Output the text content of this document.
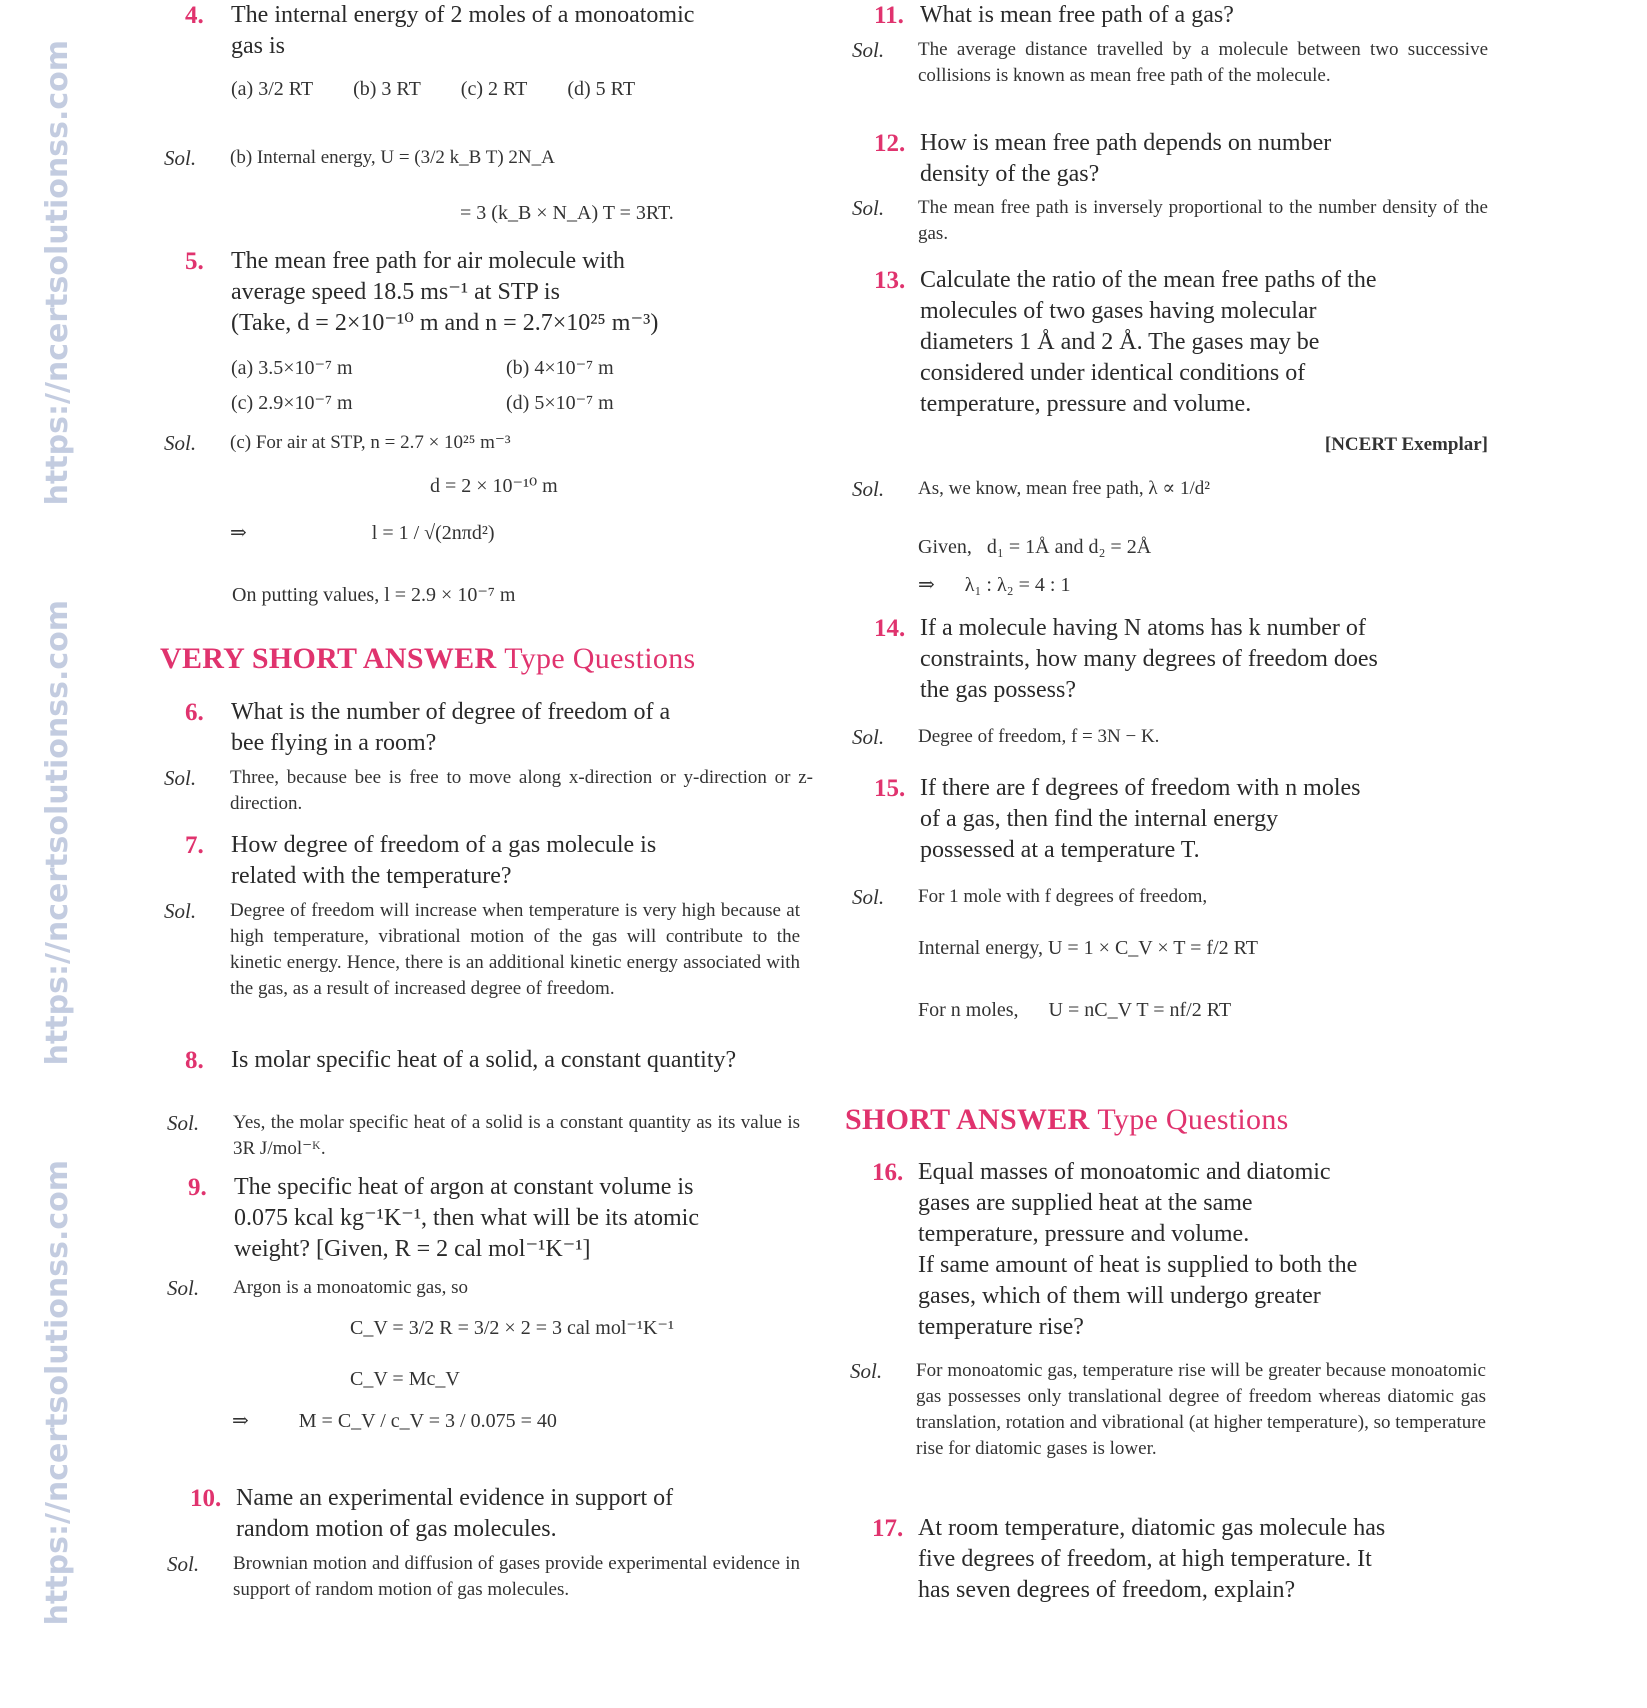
https://ncertsolutionss.com
https://ncertsolutionss.com
https://ncertsolutionss.com
4. The internal energy of 2 moles of a monoatomic
gas is
(a) 3/2 RT (b) 3 RT (c) 2 RT (d) 5 RT
Sol. (b) Internal energy, U = (3/2 k_B T) 2N_A
= 3 (k_B × N_A) T = 3RT.
5. The mean free path for air molecule with
average speed 18.5 ms⁻¹ at STP is
(Take, d = 2×10⁻¹⁰ m and n = 2.7×10²⁵ m⁻³)
(a) 3.5×10⁻⁷ m	(b) 4×10⁻⁷ m
(c) 2.9×10⁻⁷ m	(d) 5×10⁻⁷ m
Sol. (c) For air at STP, n = 2.7 × 10²⁵ m⁻³
d = 2 × 10⁻¹⁰ m
⇒                         l = 1 / √(2nπd²)
On putting values, l = 2.9 × 10⁻⁷ m
VERY SHORT ANSWER Type Questions
6. What is the number of degree of freedom of a
bee flying in a room?
Sol. Three, because bee is free to move along x-direction or y-direction or z-direction.
7. How degree of freedom of a gas molecule is
related with the temperature?
Sol. Degree of freedom will increase when temperature is very high because at high temperature, vibrational motion of the gas will contribute to the kinetic energy. Hence, there is an additional kinetic energy associated with the gas, as a result of increased degree of freedom.
8. Is molar specific heat of a solid, a constant quantity?
Sol. Yes, the molar specific heat of a solid is a constant quantity as its value is 3R J/mol⁻ᴷ.
9. The specific heat of argon at constant volume is
0.075 kcal kg⁻¹K⁻¹, then what will be its atomic
weight? [Given, R = 2 cal mol⁻¹K⁻¹]
Sol. Argon is a monoatomic gas, so
C_V = 3/2 R = 3/2 × 2 = 3 cal mol⁻¹K⁻¹
C_V = Mc_V
⇒          M = C_V / c_V = 3 / 0.075 = 40
10. Name an experimental evidence in support of
random motion of gas molecules.
Sol. Brownian motion and diffusion of gases provide experimental evidence in support of random motion of gas molecules.
11. What is mean free path of a gas?
Sol. The average distance travelled by a molecule between two successive collisions is known as mean free path of the molecule.
12. How is mean free path depends on number
density of the gas?
Sol. The mean free path is inversely proportional to the number density of the gas.
13. Calculate the ratio of the mean free paths of the
molecules of two gases having molecular
diameters 1 Å and 2 Å. The gases may be
considered under identical conditions of
temperature, pressure and volume.
[NCERT Exemplar]
Sol. As, we know, mean free path, λ ∝ 1/d²
Given,   d₁ = 1Å and d₂ = 2Å
⇒      λ₁ : λ₂ = 4 : 1
14. If a molecule having N atoms has k number of
constraints, how many degrees of freedom does
the gas possess?
Sol. Degree of freedom, f = 3N − K.
15. If there are f degrees of freedom with n moles
of a gas, then find the internal energy
possessed at a temperature T.
Sol. For 1 mole with f degrees of freedom,
Internal energy, U = 1 × C_V × T = f/2 RT
For n moles,      U = nC_V T = nf/2 RT
SHORT ANSWER Type Questions
16. Equal masses of monoatomic and diatomic
gases are supplied heat at the same
temperature, pressure and volume.
If same amount of heat is supplied to both the
gases, which of them will undergo greater
temperature rise?
Sol. For monoatomic gas, temperature rise will be greater because monoatomic gas possesses only translational degree of freedom whereas diatomic gas translation, rotation and vibrational (at higher temperature), so temperature rise for diatomic gases is lower.
17. At room temperature, diatomic gas molecule has
five degrees of freedom, at high temperature. It
has seven degrees of freedom, explain?
